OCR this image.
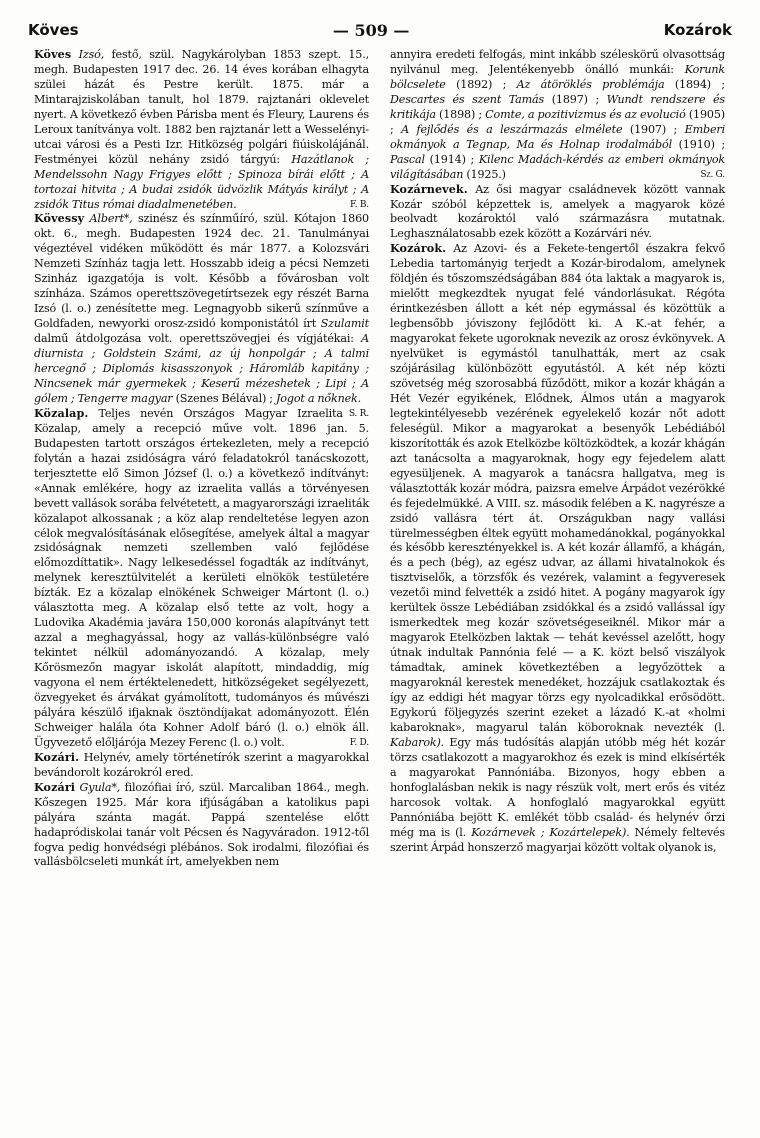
Köves	— 509 —	Kozárok

Köves Izsó, festő, szül. Nagykárolyban 1853 szept. 15., megh. Budapesten 1917 dec. 26. 14 éves korában elhagyta szülei házát és Pestre került. 1875. már a Mintarajziskolában tanult, hol 1879. rajztanári oklevelet nyert. A következő évben Párisba ment és Fleury, Laurens és Leroux tanítványa volt. 1882 ben rajztanár lett a Wesselényi-utcai városi és a Pesti Izr. Hitközség polgári fiúiskolájánál. Festményei közül nehány zsidó tárgyú: Hazátlanok ; Mendelssohn Nagy Frigyes előtt ; Spinoza bírái előtt ; A tortozai hitvita ; A budai zsidók üdvözlik Mátyás királyt ; A zsidók Titus római diadalmenetében.	F. B.

Kövessy Albert*, szinész és színműíró, szül. Kótajon 1860 okt. 6., megh. Budapesten 1924 dec. 21. Tanulmányai végeztével vidéken működött és már 1877. a Kolozsvári Nemzeti Színház tagja lett. Hosszabb ideig a pécsi Nemzeti Szinház igazgatója is volt. Később a fővárosban volt színháza. Számos operettszövegetírtsezek egy részét Barna Izsó (l. o.) zenésítette meg. Legnagyobb sikerű színműve a Goldfaden, newyorki orosz-zsidó komponistától írt Szulamit dalmű átdolgozása volt. operettszövegjei és vígjátékai: A diurnista ; Goldstein Számi, az új honpolgár ; A talmi hercegnő ; Diplomás kisasszonyok ; Háromláb kapitány ; Nincsenek már gyermekek ; Keserű mézeshetek ; Lipi ; A gólem ; Tengerre magyar (Szenes Bélával) ; Jogot a nőknek.
S. R.

Közalap. Teljes nevén Országos Magyar Izraelita Közalap, amely a recepció műve volt. 1896 jan. 5. Budapesten tartott országos értekezleten, mely a recepció folytán a hazai zsidóságra váró feladatokról tanácskozott, terjesztette elő Simon József (l. o.) a következő indítványt: «Annak emlékére, hogy az izraelita vallás a törvényesen bevett vallások sorába felvétetett, a magyarországi izraeliták közalapot alkossanak ; a köz alap rendeltetése legyen azon célok megvalósításának elősegítése, amelyek által a magyar zsidóságnak nemzeti szellemben való fejlődése előmozdíttatik». Nagy lelkesedéssel fogadták az indítványt, melynek keresztülvitelét a kerületi elnökök testületére bízták. Ez a közalap elnökének Schweiger Mártont (l. o.) választotta meg. A közalap első tette az volt, hogy a Ludovika Akadémia javára 150,000 koronás alapítványt tett azzal a meghagyással, hogy az vallás-különbségre való tekintet nélkül adományozandó. A közalap, mely Kőrösmezőn magyar iskolát alapított, mindaddig, míg vagyona el nem értéktelenedett, hitközségeket segélyezett, özvegyeket és árvákat gyámolított, tudományos és művészi pályára készülő ifjaknak ösztöndíjakat adományozott. Élén Schweiger halála óta Kohner Adolf báró (l. o.) elnök áll. Ügyvezető előljárója Mezey Ferenc (l. o.) volt.	F. D.

Kozári. Helynév, amely történetírók szerint a magyarokkal bevándorolt kozárokról ered.

Kozári Gyula*, filozófiai író, szül. Marcaliban 1864., megh. Kőszegen 1925. Már kora ifjúságában a katolikus papi pályára szánta magát. Pappá szentelése előtt hadapródiskolai tanár volt Pécsen és Nagyváradon. 1912-től fogva pedig honvédségi plébános. Sok irodalmi, filozófiai és vallásbölcseleti munkát írt, amelyekben nem

annyira eredeti felfogás, mint inkább széleskörű olvasottság nyilvánul meg. Jelentékenyebb önálló munkái: Korunk bölcselete (1892) ; Az átöröklés problémája (1894) ; Descartes és szent Tamás (1897) ; Wundt rendszere és kritikája (1898) ; Comte, a pozitivizmus és az evolució (1905) ; A fejlődés és a leszármazás elmélete (1907) ; Emberi okmányok a Tegnap, Ma és Holnap irodalmából (1910) ; Pascal (1914) ; Kilenc Madách-kérdés az emberi okmányok világításában (1925.)	Sz. G.

Kozárnevek. Az ősi magyar családnevek között vannak Kozár szóból képzettek is, amelyek a magyarok közé beolvadt kozároktól való származásra mutatnak. Leghasználatosabb ezek között a Kozárvári név.

Kozárok. Az Azovi- és a Fekete-tengertől északra fekvő Lebedia tartományig terjedt a Kozár-birodalom, amelynek földjén és tőszomszédságában 884 óta laktak a magyarok is, mielőtt megkezdtek nyugat felé vándorlásukat. Régóta érintkezésben állott a két nép egymással és közöttük a legbensőbb jóviszony fejlődött ki. A K.-at fehér, a magyarokat fekete ugoroknak nevezik az orosz évkönyvek. A nyelvüket is egymástól tanulhatták, mert az csak szójárásilag különbözött egyutástól. A két nép közti szövetség még szorosabbá fűződött, mikor a kozár khágán a Hét Vezér egyikének, Elődnek, Álmos után a magyarok legtekintélyesebb vezérének egyelekelő kozár nőt adott feleségül. Mikor a magyarokat a besenyők Lebédiából kiszorították és azok Etelközbe költözködtek, a kozár khágán azt tanácsolta a magyaroknak, hogy egy fejedelem alatt egyesüljenek. A magyarok a tanácsra hallgatva, meg is választották kozár módra, paizsra emelve Árpádot vezérökké és fejedelmükké. A VIII. sz. második felében a K. nagyrésze a zsidó vallásra tért át. Országukban nagy vallási türelmességben éltek együtt mohamedánokkal, pogányokkal és később keresztényekkel is. A két kozár államfő, a khágán, és a pech (bég), az egész udvar, az állami hivatalnokok és tisztviselők, a törzsfők és vezérek, valamint a fegyveresek vezetői mind felvették a zsidó hitet. A pogány magyarok így kerültek össze Lebédiában zsidókkal és a zsidó vallással így ismerkedtek meg kozár szövetségeseiknél. Mikor már a magyarok Etelközben laktak — tehát kevéssel azelőtt, hogy útnak indultak Pannónia felé — a K. közt belső viszályok támadtak, aminek következtében a legyőzöttek a magyaroknál kerestek menedéket, hozzájuk csatlakoztak és így az eddigi hét magyar törzs egy nyolcadikkal erősödött. Egykorú följegyzés szerint ezeket a lázadó K.-at «holmi kabaroknak», magyarul talán köboroknak nevezték (l. Kabarok). Egy más tudósítás alapján utóbb még hét kozár törzs csatlakozott a magyarokhoz és ezek is mind elkísérték a magyarokat Pannóniába. Bizonyos, hogy ebben a honfoglalásban nekik is nagy részük volt, mert erős és vitéz harcosok voltak. A honfoglaló magyarokkal együtt Pannóniába bejött K. emlékét több család- és helynév őrzi még ma is (l. Kozárnevek ; Kozártelepek). Némely feltevés szerint Árpád honszerző magyarjai között voltak olyanok is,
